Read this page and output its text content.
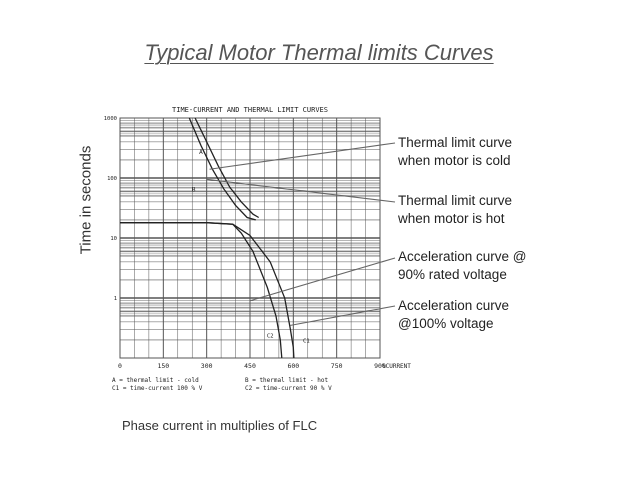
Typical Motor Thermal limits Curves
Time in seconds
Phase current in multiplies of FLC
Thermal limit curve
when motor is cold
Thermal limit curve
when motor is hot
Acceleration curve @
90% rated voltage
Acceleration curve
@100% voltage
TIME-CURRENT AND THERMAL LIMIT CURVES
0	150	300	450	600	750	900
%CURRENT
1000
100
10
1
A
B
C2
C1
A = thermal limit - cold
C1 = time-current 100 % V
B = thermal limit - hot
C2 = time-current 90 % V
